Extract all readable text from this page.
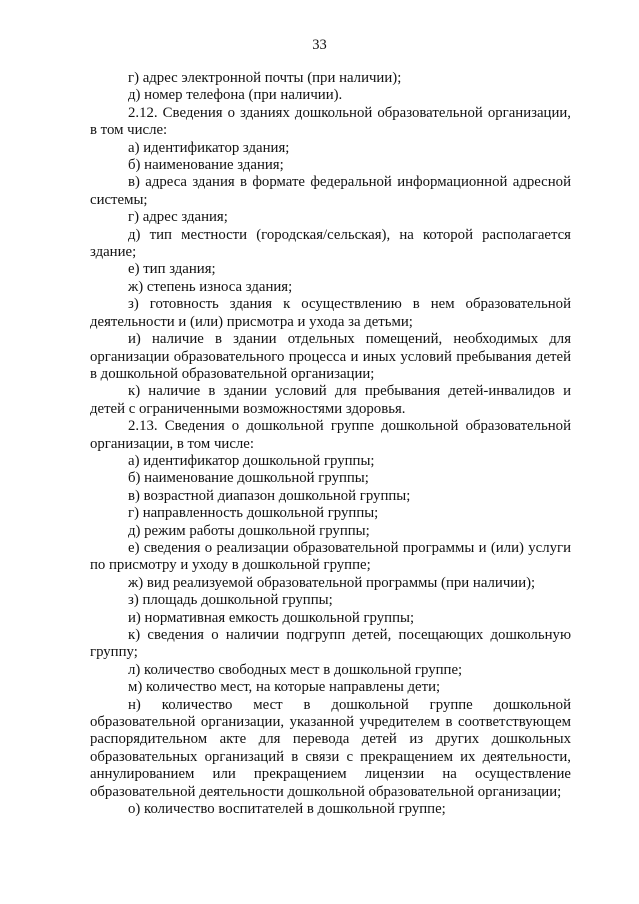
33

г) адрес электронной почты (при наличии);

д) номер телефона (при наличии).

2.12. Сведения о зданиях дошкольной образовательной организации, в том числе:

а) идентификатор здания;

б) наименование здания;

в) адреса здания в формате федеральной информационной адресной системы;

г) адрес здания;

д) тип местности (городская/сельская), на которой располагается здание;

е) тип здания;

ж) степень износа здания;

з) готовность здания к осуществлению в нем образовательной деятельности и (или) присмотра и ухода за детьми;

и) наличие в здании отдельных помещений, необходимых для организации образовательного процесса и иных условий пребывания детей в дошкольной образовательной организации;

к) наличие в здании условий для пребывания детей-инвалидов и детей с ограниченными возможностями здоровья.

2.13. Сведения о дошкольной группе дошкольной образовательной организации, в том числе:

а) идентификатор дошкольной группы;

б) наименование дошкольной группы;

в) возрастной диапазон дошкольной группы;

г) направленность дошкольной группы;

д) режим работы дошкольной группы;

е) сведения о реализации образовательной программы и (или) услуги по присмотру и уходу в дошкольной группе;

ж) вид реализуемой образовательной программы (при наличии);

з) площадь дошкольной группы;

и) нормативная емкость дошкольной группы;

к) сведения о наличии подгрупп детей, посещающих дошкольную группу;

л) количество свободных мест в дошкольной группе;

м) количество мест, на которые направлены дети;

н) количество мест в дошкольной группе дошкольной образовательной организации, указанной учредителем в соответствующем распорядительном акте для перевода детей из других дошкольных образовательных организаций в связи с прекращением их деятельности, аннулированием или прекращением лицензии на осуществление образовательной деятельности дошкольной образовательной организации;

о) количество воспитателей в дошкольной группе;
